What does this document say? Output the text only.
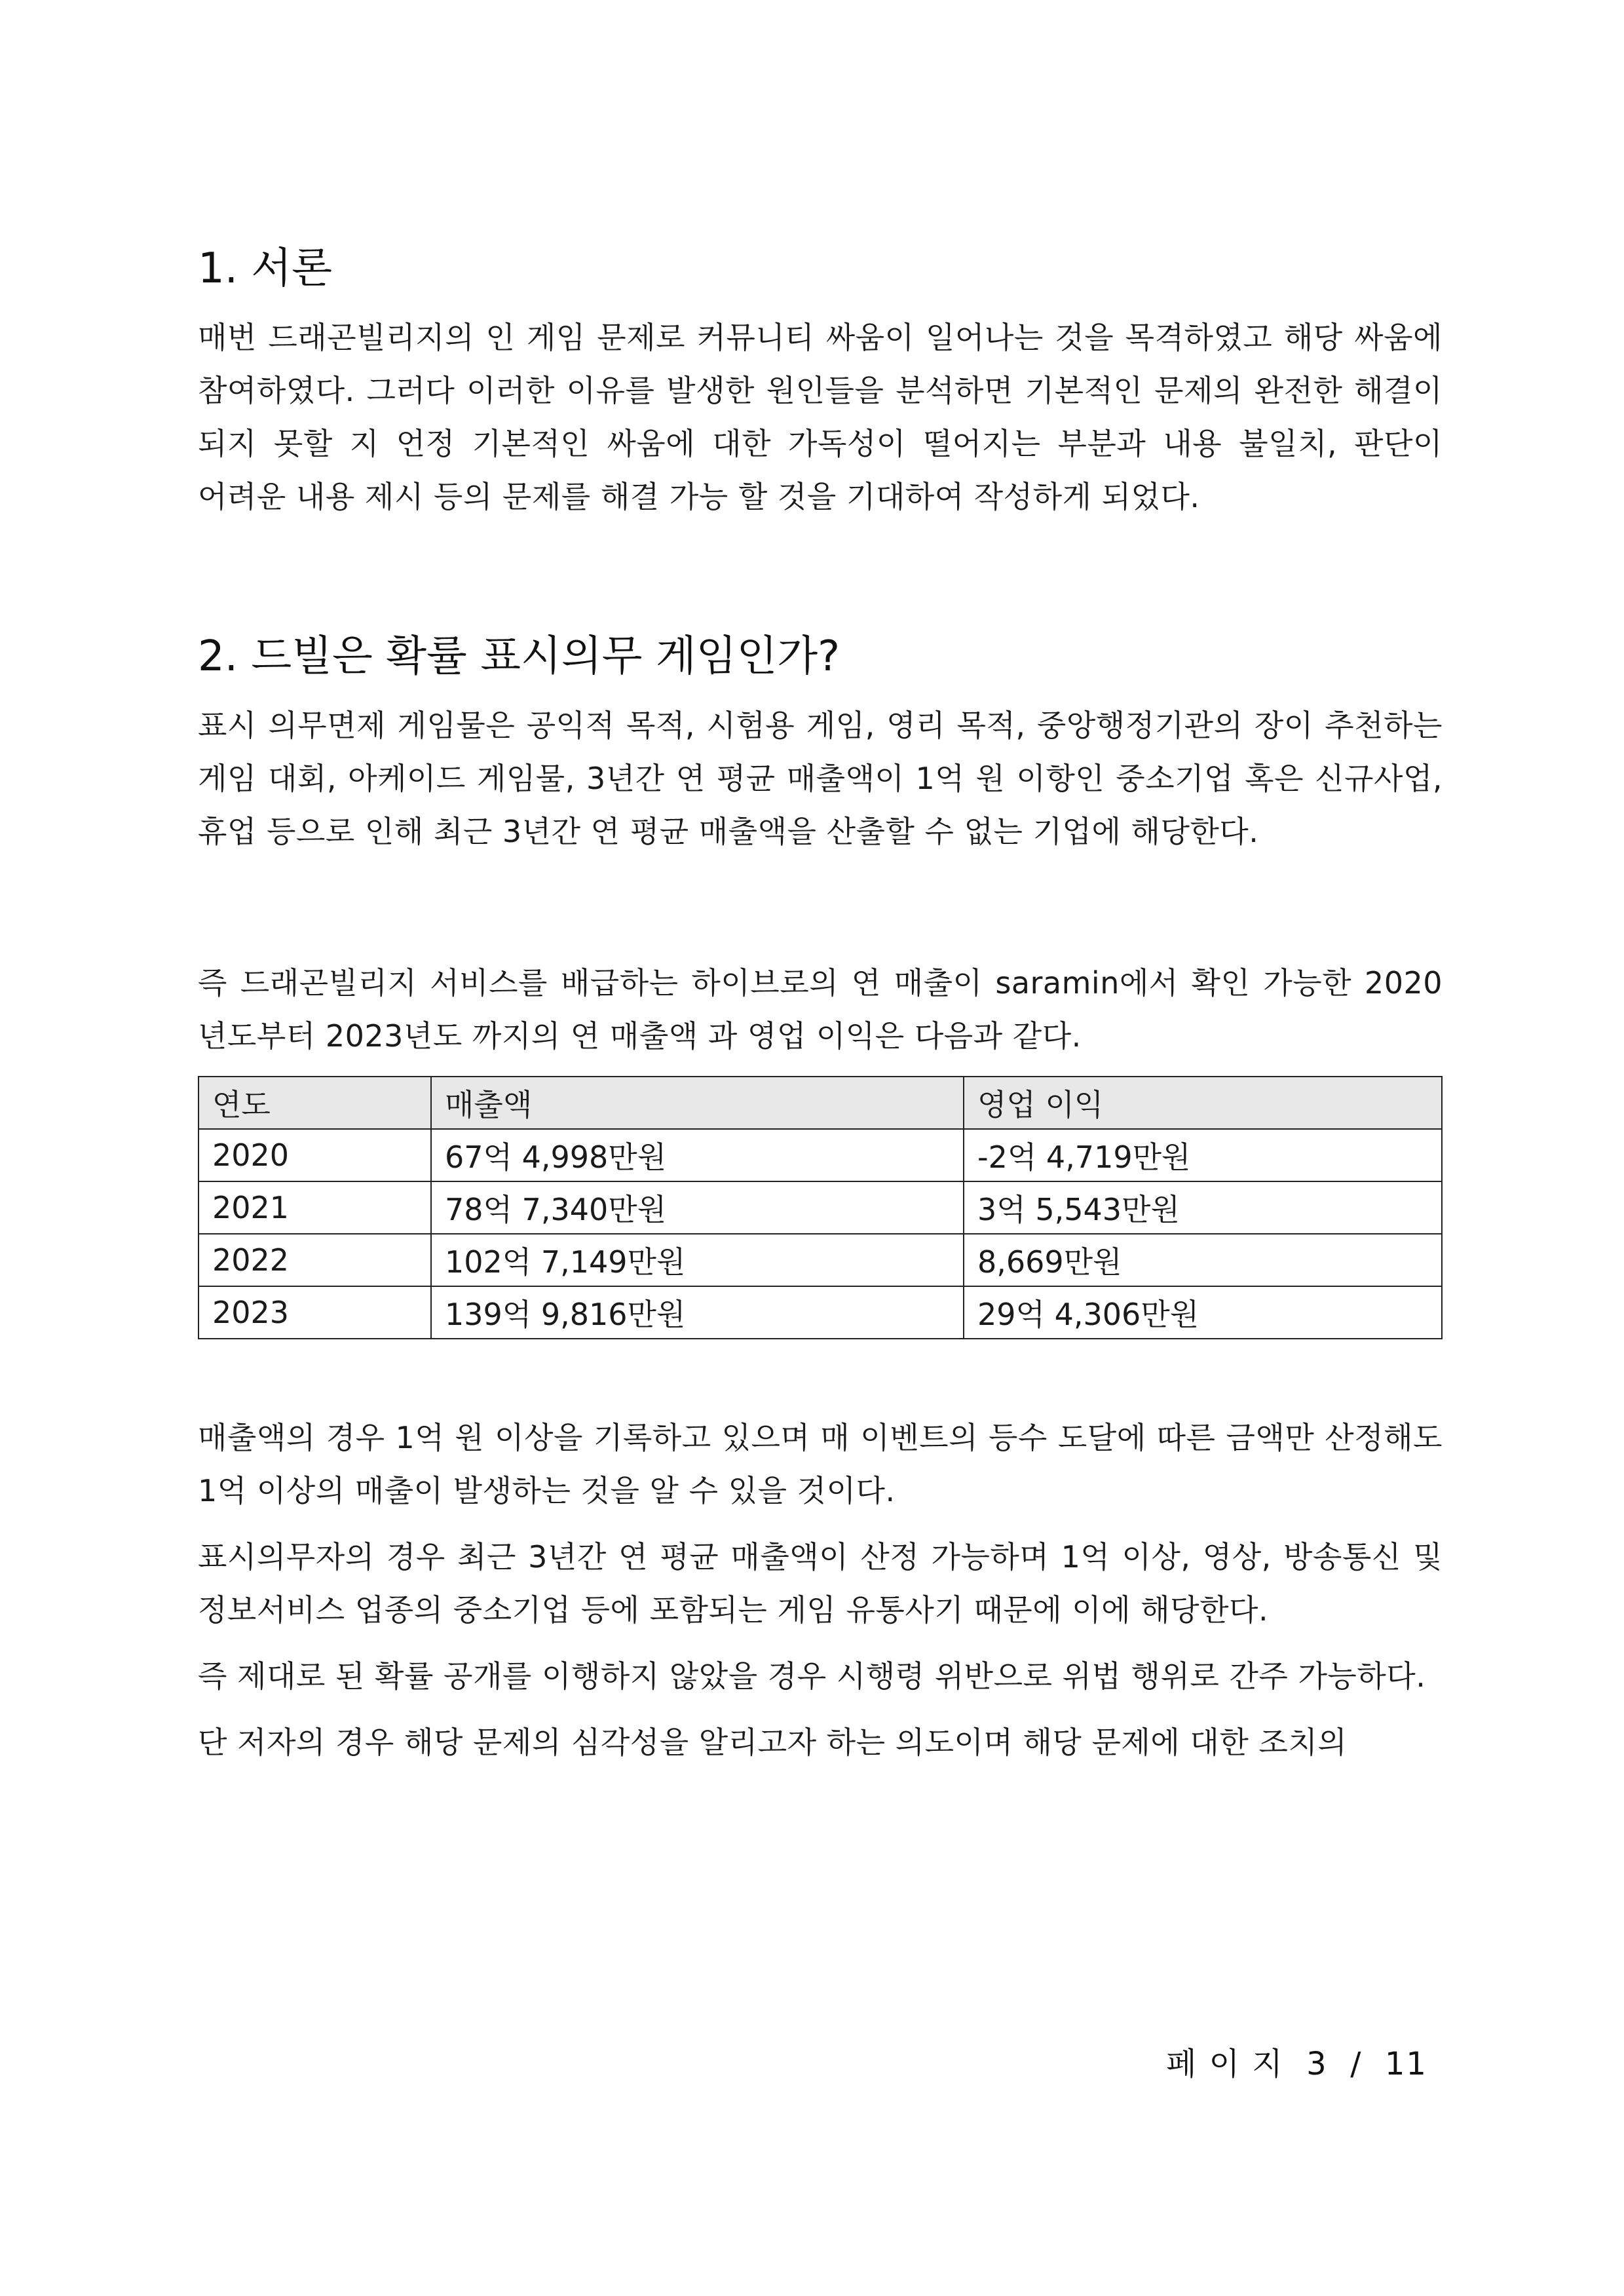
1. 서론

매번 드래곤빌리지의 인 게임 문제로 커뮤니티 싸움이 일어나는 것을 목격하였고 해당 싸움에 참여하였다. 그러다 이러한 이유를 발생한 원인들을 분석하면 기본적인 문제의 완전한 해결이 되지 못할 지 언정 기본적인 싸움에 대한 가독성이 떨어지는 부분과 내용 불일치, 판단이 어려운 내용 제시 등의 문제를 해결 가능 할 것을 기대하여 작성하게 되었다.

2. 드빌은 확률 표시의무 게임인가?

표시 의무면제 게임물은 공익적 목적, 시험용 게임, 영리 목적, 중앙행정기관의 장이 추천하는 게임 대회, 아케이드 게임물, 3년간 연 평균 매출액이 1억 원 이항인 중소기업 혹은 신규사업, 휴업 등으로 인해 최근 3년간 연 평균 매출액을 산출할 수 없는 기업에 해당한다.

즉 드래곤빌리지 서비스를 배급하는 하이브로의 연 매출이 saramin에서 확인 가능한 2020 년도부터 2023년도 까지의 연 매출액 과 영업 이익은 다음과 같다.

연도	매출액	영업 이익
2020	67억 4,998만원	-2억 4,719만원
2021	78억 7,340만원	3억 5,543만원
2022	102억 7,149만원	8,669만원
2023	139억 9,816만원	29억 4,306만원

매출액의 경우 1억 원 이상을 기록하고 있으며 매 이벤트의 등수 도달에 따른 금액만 산정해도 1억 이상의 매출이 발생하는 것을 알 수 있을 것이다.

표시의무자의 경우 최근 3년간 연 평균 매출액이 산정 가능하며 1억 이상, 영상, 방송통신 및 정보서비스 업종의 중소기업 등에 포함되는 게임 유통사기 때문에 이에 해당한다.

즉 제대로 된 확률 공개를 이행하지 않았을 경우 시행령 위반으로 위법 행위로 간주 가능하다.

단 저자의 경우 해당 문제의 심각성을 알리고자 하는 의도이며 해당 문제에 대한 조치의

페 이 지  3  /  11
